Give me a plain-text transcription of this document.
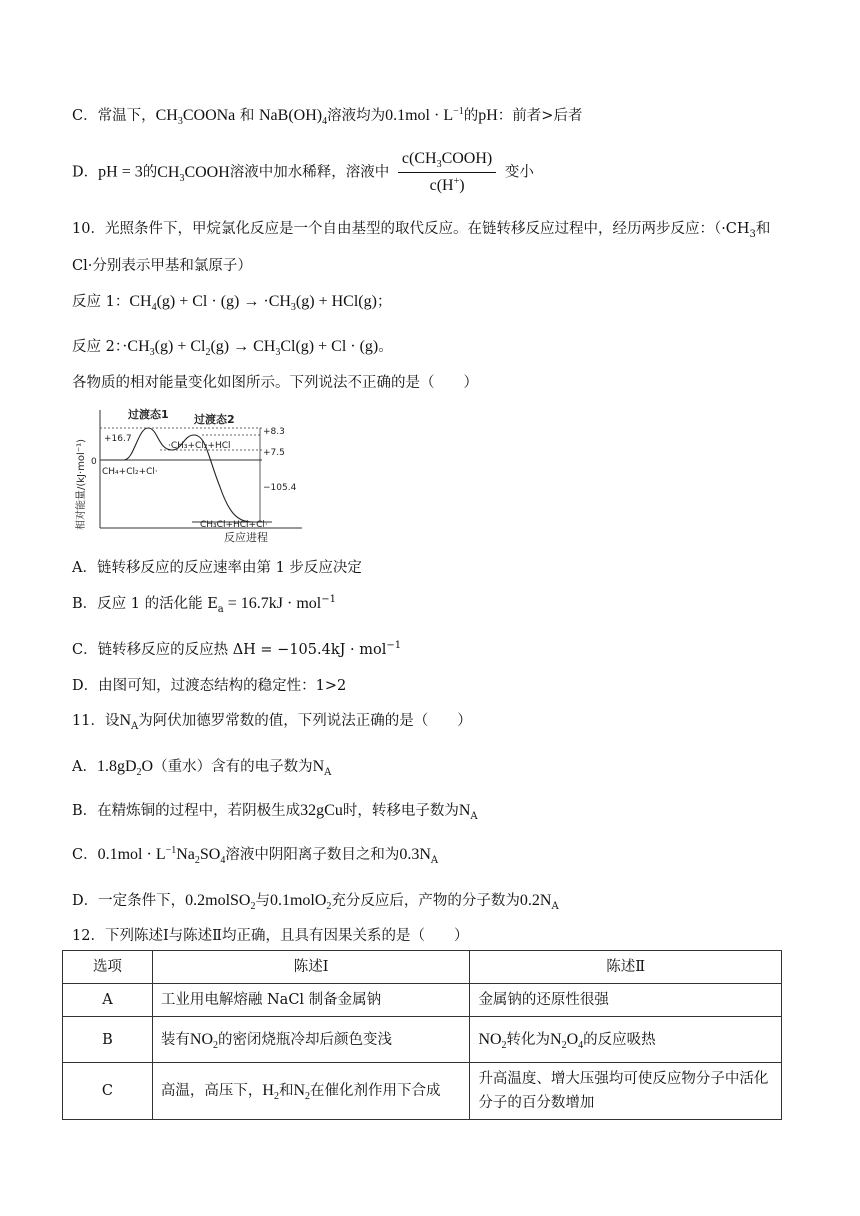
C．常温下，$CH_3COONa$ 和 $NaB(OH)_4$溶液均为$0.1mol \cdot L^{-1}$的pH：前者>后者
D．pH = 3的$CH_3COOH$溶液中加水稀释，溶液中 $\frac{c(CH_3COOH)}{c(H^+)}$ 变小
10．光照条件下，甲烷氯化反应是一个自由基型的取代反应。在链转移反应过程中，经历两步反应：（$\cdot CH_3$和
Cl·分别表示甲基和氯原子）
反应 1：$CH_4(g) + Cl \cdot (g) \to \cdot CH_3(g) + HCl(g)$；
反应 2：$\cdot CH_3(g) + Cl_2(g) \to CH_3Cl(g) + Cl \cdot (g)$。
各物质的相对能量变化如图所示。下列说法不正确的是（　　）
相对能量/(kJ·mol⁻¹)
反应进程
过渡态1 过渡态2
+16.7
0
+8.3
+7.5
−105.4
CH₄+Cl₂+Cl·
·CH₃+Cl₂+HCl
CH₃Cl+HCl+Cl·
A．链转移反应的反应速率由第 1 步反应决定
B．反应 1 的活化能 $E_a = 16.7kJ \cdot mol^{-1}$
C．链转移反应的反应热 ΔH = −105.4kJ · mol$^{-1}$
D．由图可知，过渡态结构的稳定性：1>2
11．设$N_A$为阿伏加德罗常数的值，下列说法正确的是（　　）
A．$1.8gD_2O$（重水）含有的电子数为$N_A$
B．在精炼铜的过程中，若阴极生成32gCu时，转移电子数为$N_A$
C．$0.1mol \cdot L^{-1}Na_2SO_4$溶液中阴阳离子数目之和为$0.3N_A$
D．一定条件下，0.2molSO$_2$与0.1molO$_2$充分反应后，产物的分子数为$0.2N_A$
12．下列陈述Ⅰ与陈述Ⅱ均正确，且具有因果关系的是（　　）
选项	陈述Ⅰ	陈述Ⅱ
A	工业用电解熔融 NaCl 制备金属钠	金属钠的还原性很强
B	装有$NO_2$的密闭烧瓶冷却后颜色变浅	$NO_2$转化为$N_2O_4$的反应吸热
C	高温，高压下，$H_2$和$N_2$在催化剂作用下合成	升高温度、增大压强均可使反应物分子中活化分子的百分数增加
